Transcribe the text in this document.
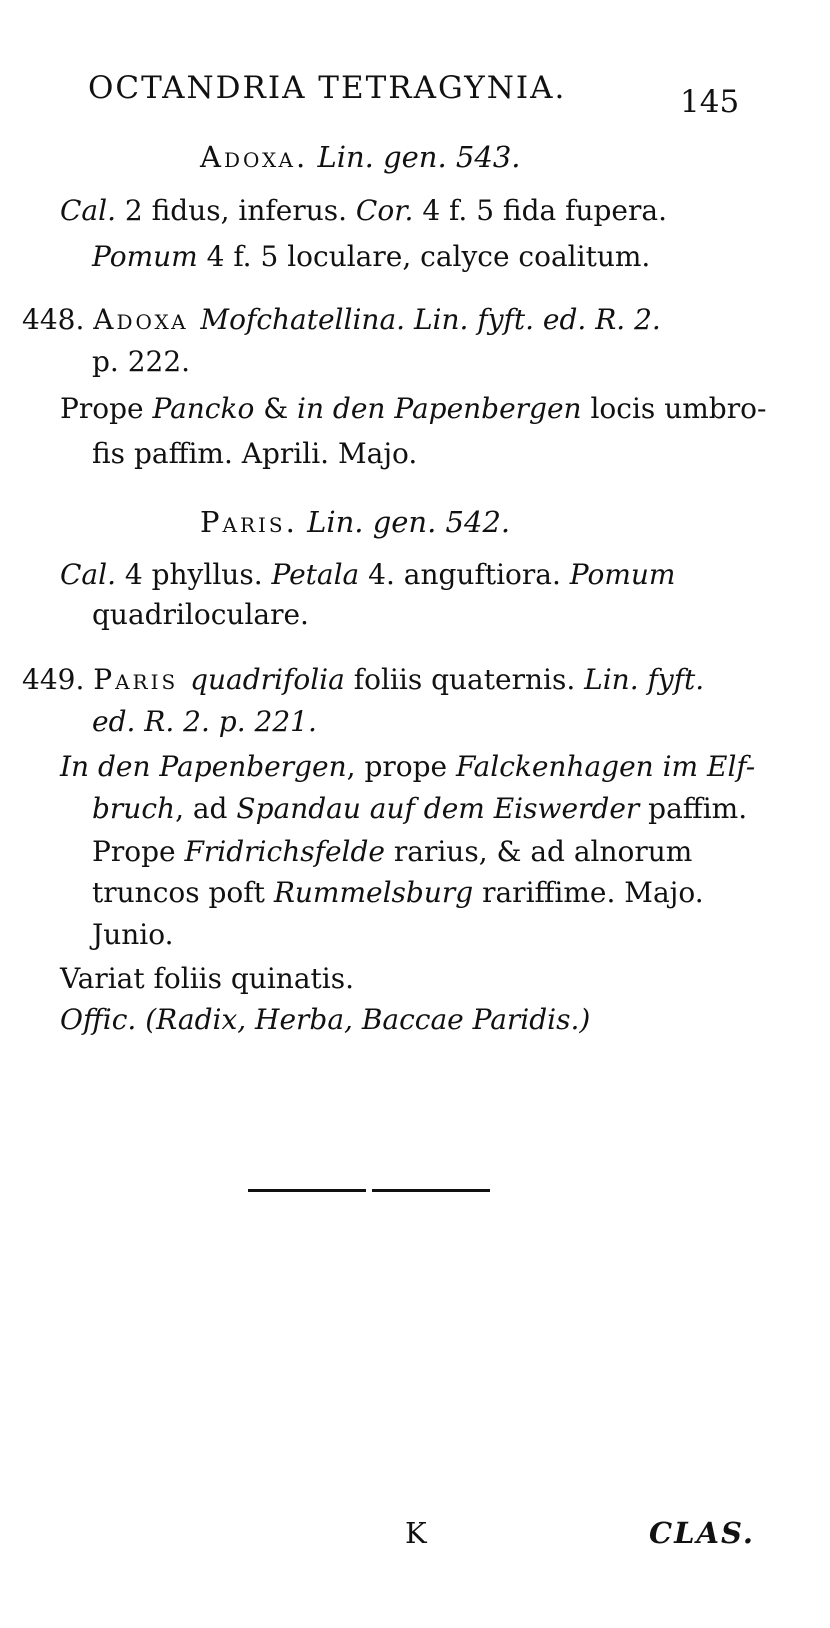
OCTANDRIA TETRAGYNIA.	145
Adoxa. Lin. gen. 543.
Cal. 2 fidus, inferus. Cor. 4 f. 5 fida fupera.
Pomum 4 f. 5 loculare, calyce coalitum.
448. Adoxa Mofchatellina. Lin. fyft. ed. R. 2.
p. 222.
Prope Pancko & in den Papenbergen locis umbro-
fis paffim. Aprili. Majo.
Paris. Lin. gen. 542.
Cal. 4 phyllus. Petala 4. anguftiora. Pomum
quadriloculare.
449. Paris quadrifolia foliis quaternis. Lin. fyft.
ed. R. 2. p. 221.
In den Papenbergen, prope Falckenhagen im Elf-
bruch, ad Spandau auf dem Eiswerder paffim.
Prope Fridrichsfelde rarius, & ad alnorum
truncos poft Rummelsburg rariffime. Majo.
Junio.
Variat foliis quinatis.
Offic. (Radix, Herba, Baccae Paridis.)
K	CLAS.
